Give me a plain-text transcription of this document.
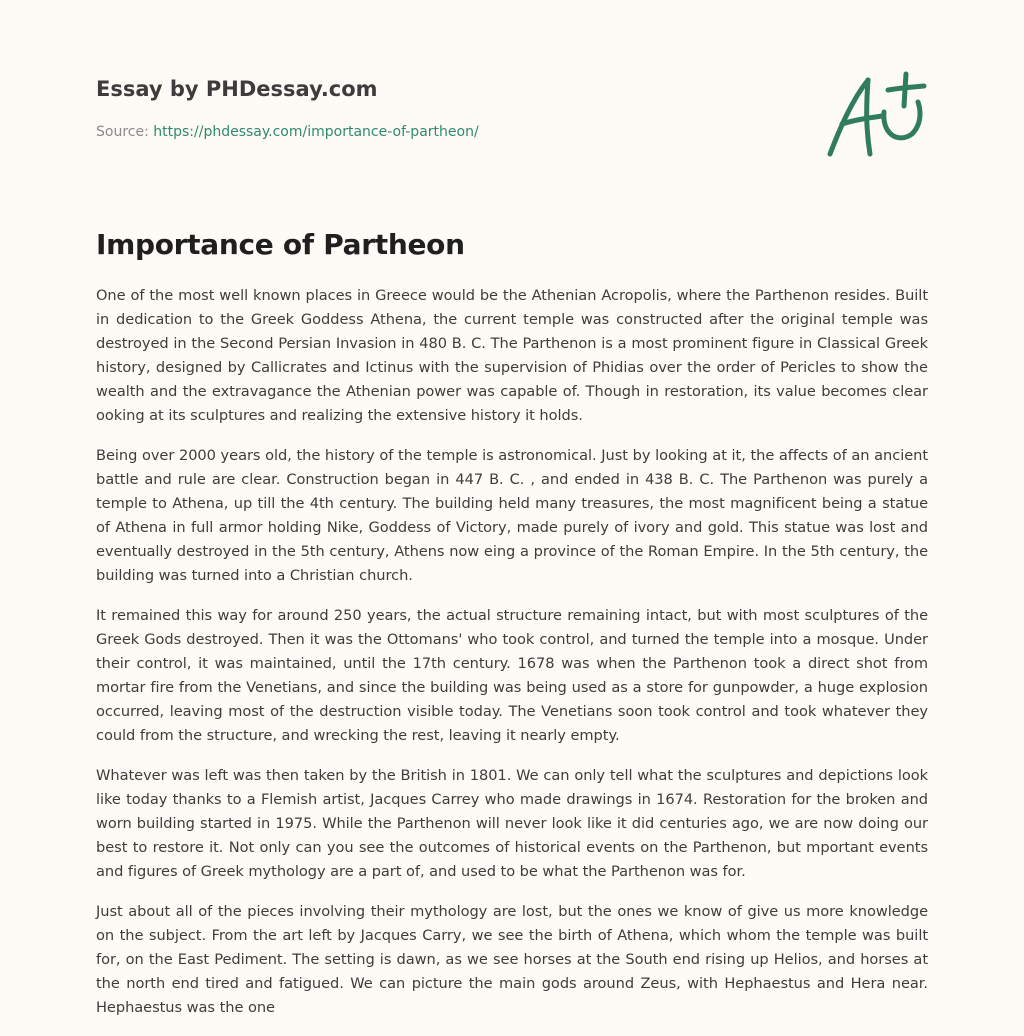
Essay by PHDessay.com
Source: https://phdessay.com/importance-of-partheon/
Importance of Partheon

One of the most well known places in Greece would be the Athenian Acropolis, where the Parthenon resides. Built in dedication to the Greek Goddess Athena, the current temple was constructed after the original temple was destroyed in the Second Persian Invasion in 480 B. C. The Parthenon is a most prominent figure in Classical Greek history, designed by Callicrates and Ictinus with the supervision of Phidias over the order of Pericles to show the wealth and the extravagance the Athenian power was capable of. Though in restoration, its value becomes clear ooking at its sculptures and realizing the extensive history it holds.

Being over 2000 years old, the history of the temple is astronomical. Just by looking at it, the affects of an ancient battle and rule are clear. Construction began in 447 B. C. , and ended in 438 B. C. The Parthenon was purely a temple to Athena, up till the 4th century. The building held many treasures, the most magnificent being a statue of Athena in full armor holding Nike, Goddess of Victory, made purely of ivory and gold. This statue was lost and eventually destroyed in the 5th century, Athens now eing a province of the Roman Empire. In the 5th century, the building was turned into a Christian church.

It remained this way for around 250 years, the actual structure remaining intact, but with most sculptures of the Greek Gods destroyed. Then it was the Ottomans' who took control, and turned the temple into a mosque. Under their control, it was maintained, until the 17th century. 1678 was when the Parthenon took a direct shot from mortar fire from the Venetians, and since the building was being used as a store for gunpowder, a huge explosion occurred, leaving most of the destruction visible today. The Venetians soon took control and took whatever they could from the structure, and wrecking the rest, leaving it nearly empty.

Whatever was left was then taken by the British in 1801. We can only tell what the sculptures and depictions look like today thanks to a Flemish artist, Jacques Carrey who made drawings in 1674. Restoration for the broken and worn building started in 1975. While the Parthenon will never look like it did centuries ago, we are now doing our best to restore it. Not only can you see the outcomes of historical events on the Parthenon, but mportant events and figures of Greek mythology are a part of, and used to be what the Parthenon was for.

Just about all of the pieces involving their mythology are lost, but the ones we know of give us more knowledge on the subject. From the art left by Jacques Carry, we see the birth of Athena, which whom the temple was built for, on the East Pediment. The setting is dawn, as we see horses at the South end rising up Helios, and horses at the north end tired and fatigued. We can picture the main gods around Zeus, with Hephaestus and Hera near. Hephaestus was the one
